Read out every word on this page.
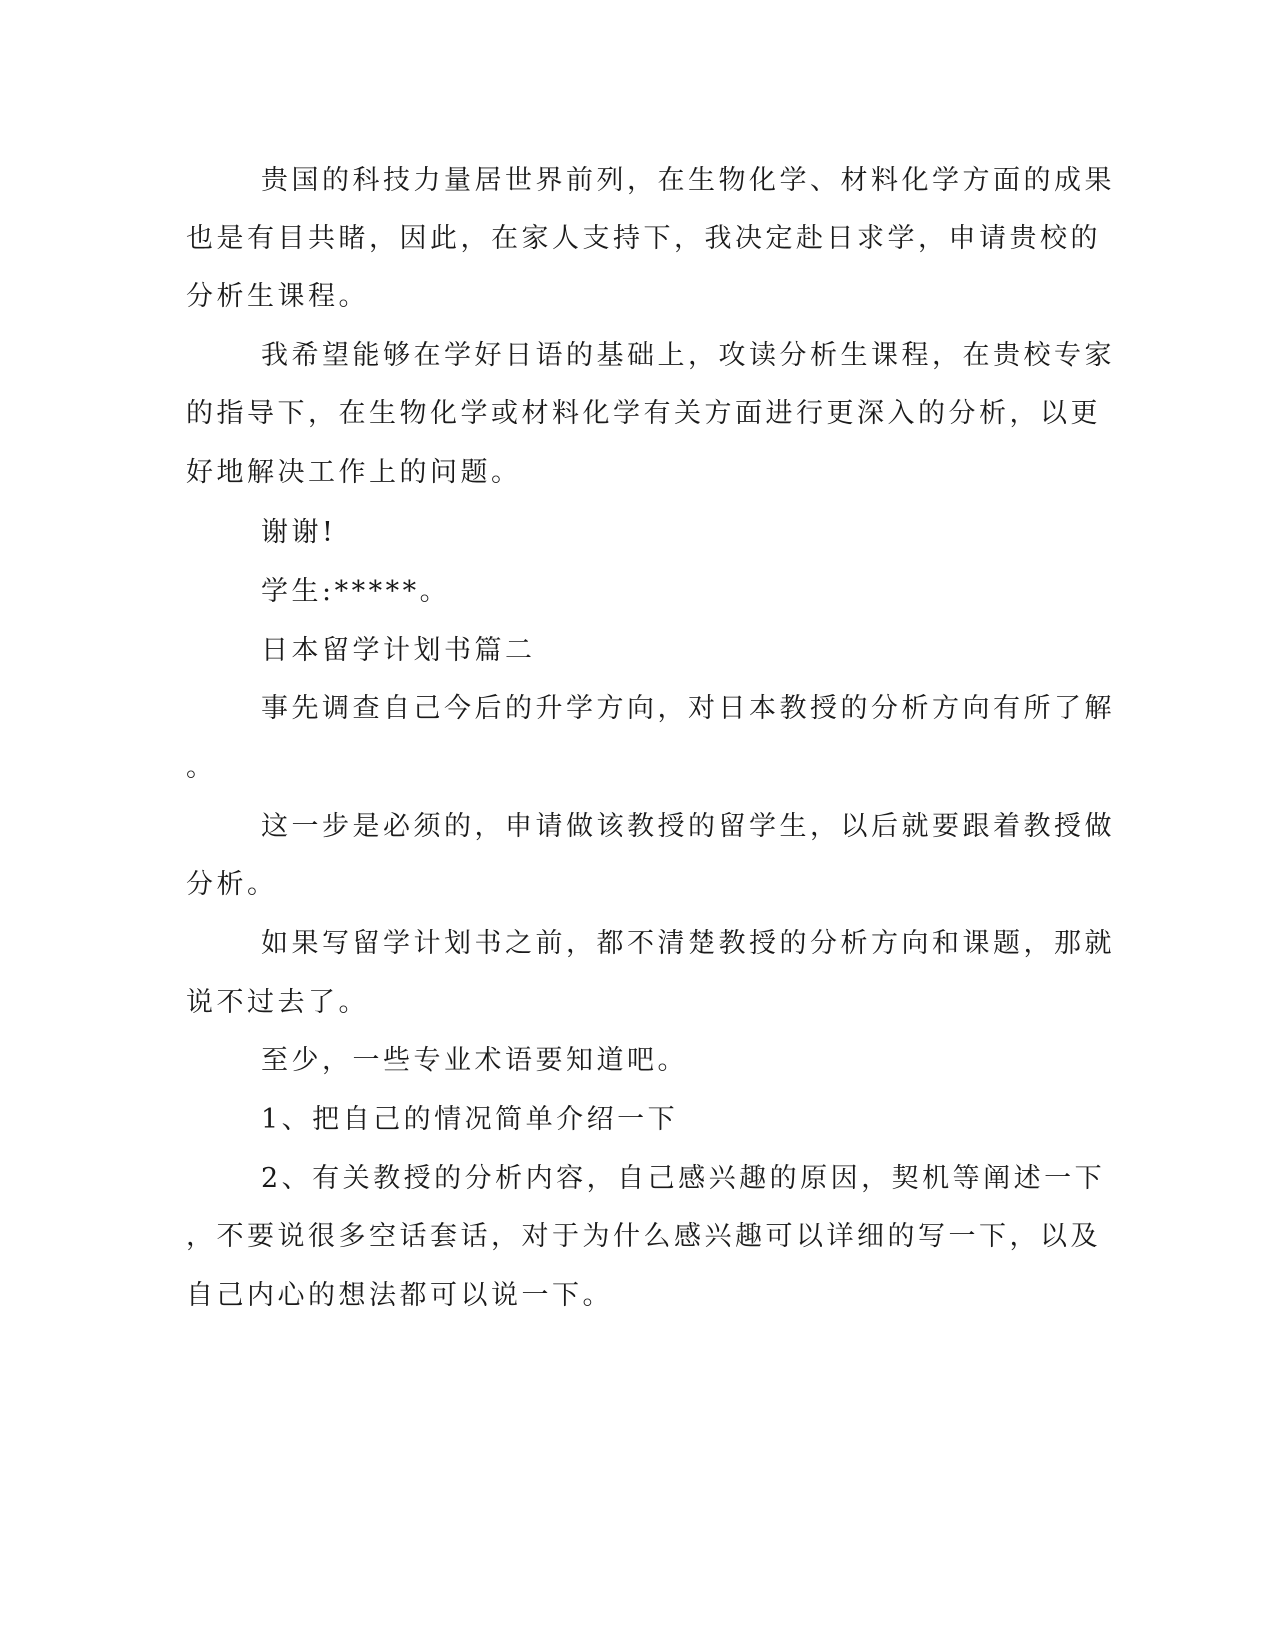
贵国的科技力量居世界前列，在生物化学、材料化学方面的成果
也是有目共睹，因此，在家人支持下，我决定赴日求学，申请贵校的
分析生课程。
我希望能够在学好日语的基础上，攻读分析生课程，在贵校专家
的指导下，在生物化学或材料化学有关方面进行更深入的分析，以更
好地解决工作上的问题。
谢谢!
学生:*****。
日本留学计划书篇二
事先调查自己今后的升学方向，对日本教授的分析方向有所了解
。
这一步是必须的，申请做该教授的留学生，以后就要跟着教授做
分析。
如果写留学计划书之前，都不清楚教授的分析方向和课题，那就
说不过去了。
至少，一些专业术语要知道吧。
1、把自己的情况简单介绍一下
2、有关教授的分析内容，自己感兴趣的原因，契机等阐述一下
，不要说很多空话套话，对于为什么感兴趣可以详细的写一下，以及
自己内心的想法都可以说一下。
